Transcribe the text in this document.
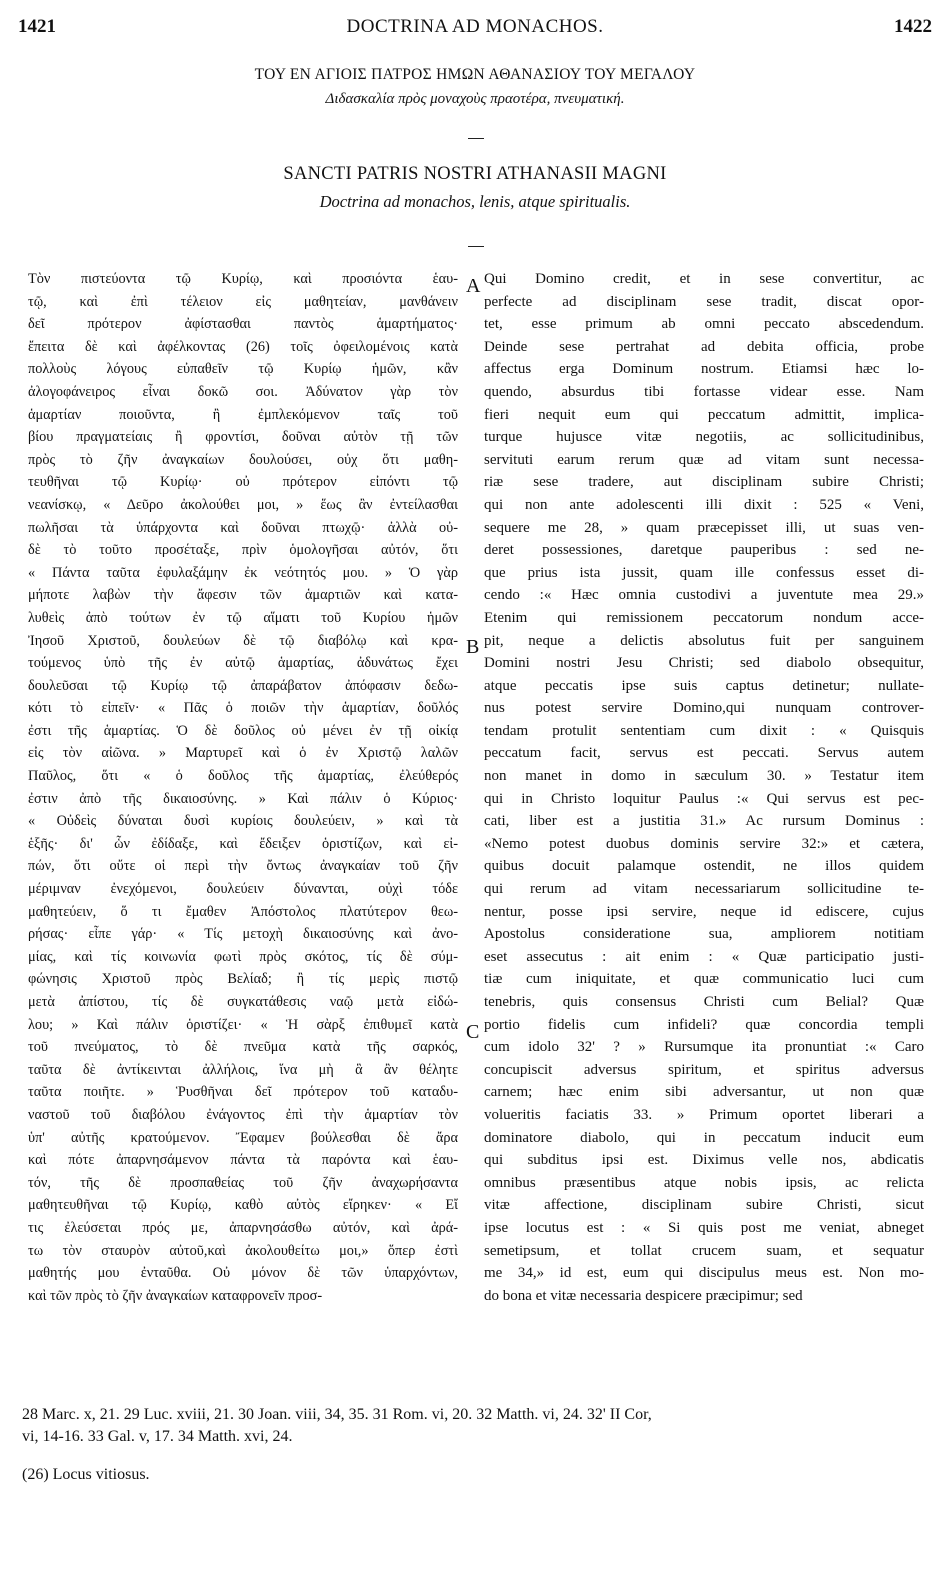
1421	DOCTRINA AD MONACHOS.	1422
ΤΟΥ ΕΝ ΑΓΙΟΙΣ ΠΑΤΡΟΣ ΗΜΩΝ ΑΘΑΝΑΣΙΟΥ ΤΟΥ ΜΕΓΑΛΟΥ
Διδασκαλία πρὸς μοναχοὺς πραοτέρα, πνευματική.
SANCTI PATRIS NOSTRI ATHANASII MAGNI
Doctrina ad monachos, lenis, atque spiritualis.
Τὸν πιστεύοντα τῷ Κυρίῳ, καὶ προσιόντα ἑαυ-
τῷ, καὶ ἐπὶ τέλειον εἰς μαθητείαν, μανθάνειν
δεῖ πρότερον ἀφίστασθαι παντὸς ἁμαρτήματος·
ἔπειτα δὲ καὶ ἀφέλκοντας (26) τοῖς ὀφειλομένοις κατὰ
πολλοὺς λόγους εὐπαθεῖν τῷ Κυρίῳ ἡμῶν, κἂν
ἀλογοφάνειρος εἶναι δοκῶ σοι. Ἀδύνατον γὰρ τὸν
ἁμαρτίαν ποιοῦντα, ἢ ἐμπλεκόμενον ταῖς τοῦ
βίου πραγματείαις ἢ φροντίσι, δοῦναι αὐτὸν τῇ τῶν
πρὸς τὸ ζῆν ἀναγκαίων δουλούσει, οὐχ ὅτι μαθη-
τευθῆναι τῷ Κυρίῳ· οὐ πρότερον εἰπόντι τῷ
νεανίσκῳ, « Δεῦρο ἀκολούθει μοι, » ἕως ἂν ἐντείλασθαι
πωλῆσαι τὰ ὑπάρχοντα καὶ δοῦναι πτωχῷ· ἀλλὰ οὐ-
δὲ τὸ τοῦτο προσέταξε, πρὶν ὁμολογῆσαι αὐτόν, ὅτι
« Πάντα ταῦτα ἐφυλαξάμην ἐκ νεότητός μου. » Ὁ γὰρ
μήποτε λαβὼν τὴν ἄφεσιν τῶν ἁμαρτιῶν καὶ κατα-
λυθεὶς ἀπὸ τούτων ἐν τῷ αἵματι τοῦ Κυρίου ἡμῶν
Ἰησοῦ Χριστοῦ, δουλεύων δὲ τῷ διαβόλῳ καὶ κρα-
τούμενος ὑπὸ τῆς ἐν αὐτῷ ἁμαρτίας, ἀδυνάτως ἔχει
δουλεῦσαι τῷ Κυρίῳ τῷ ἀπαράβατον ἀπόφασιν δεδω-
κότι τὸ εἰπεῖν· « Πᾶς ὁ ποιῶν τὴν ἁμαρτίαν, δοῦλός
ἐστι τῆς ἁμαρτίας. Ὁ δὲ δοῦλος οὐ μένει ἐν τῇ οἰκίᾳ
εἰς τὸν αἰῶνα. » Μαρτυρεῖ καὶ ὁ ἐν Χριστῷ λαλῶν
Παῦλος, ὅτι « ὁ δοῦλος τῆς ἁμαρτίας, ἐλεύθερός
ἐστιν ἀπὸ τῆς δικαιοσύνης. » Καὶ πάλιν ὁ Κύριος·
« Οὐδεὶς δύναται δυσὶ κυρίοις δουλεύειν, » καὶ τὰ
ἑξῆς· δι' ὧν ἐδίδαξε, καὶ ἔδειξεν ὁριστίζων, καὶ εἰ-
πών, ὅτι οὔτε οἱ περὶ τὴν ὄντως ἀναγκαίαν τοῦ ζῆν
μέριμναν ἐνεχόμενοι, δουλεύειν δύνανται, οὐχὶ τόδε
μαθητεύειν, ὅ τι ἔμαθεν Ἀπόστολος πλατύτερον θεω-
ρήσας· εἶπε γάρ· « Τίς μετοχὴ δικαιοσύνης καὶ ἀνο-
μίας, καὶ τίς κοινωνία φωτὶ πρὸς σκότος, τίς δὲ σύμ-
φώνησις Χριστοῦ πρὸς Βελίαδ; ἢ τίς μερὶς πιστῷ
μετὰ ἀπίστου, τίς δὲ συγκατάθεσις ναῷ μετὰ εἰδώ-
λου; » Καὶ πάλιν ὁριστίζει· « Ἡ σὰρξ ἐπιθυμεῖ κατὰ
τοῦ πνεύματος, τὸ δὲ πνεῦμα κατὰ τῆς σαρκός,
ταῦτα δὲ ἀντίκεινται ἀλλήλοις, ἵνα μὴ ἃ ἂν θέλητε
ταῦτα ποιῆτε. » Ῥυσθῆναι δεῖ πρότερον τοῦ καταδυ-
ναστοῦ τοῦ διαβόλου ἐνάγοντος ἐπὶ τὴν ἁμαρτίαν τὸν
ὑπ' αὐτῆς κρατούμενον. Ἔφαμεν βούλεσθαι δὲ ἄρα
καὶ πότε ἀπαρνησάμενον πάντα τὰ παρόντα καὶ ἑαυ-
τόν, τῆς δὲ προσπαθείας τοῦ ζῆν ἀναχωρήσαντα
μαθητευθῆναι τῷ Κυρίῳ, καθὸ αὐτὸς εἴρηκεν· « Εἴ
τις ἐλεύσεται πρός με, ἀπαρνησάσθω αὐτόν, καὶ ἀρά-
τω τὸν σταυρὸν αὐτοῦ,καὶ ἀκολουθείτω μοι,» ὅπερ ἐστὶ
μαθητής μου ἐνταῦθα. Οὐ μόνον δὲ τῶν ὑπαρχόντων,
καὶ τῶν πρὸς τὸ ζῆν ἀναγκαίων καταφρονεῖν προσ-
Qui Domino credit, et in sese convertitur, ac
perfecte ad disciplinam sese tradit, discat opor-
tet, esse primum ab omni peccato abscedendum.
Deinde sese pertrahat ad debita officia, probe
affectus erga Dominum nostrum. Etiamsi hæc lo-
quendo, absurdus tibi fortasse videar esse. Nam
fieri nequit eum qui peccatum admittit, implica-
turque hujusce vitæ negotiis, ac sollicitudinibus,
servituti earum rerum quæ ad vitam sunt necessa-
riæ sese tradere, aut disciplinam subire Christi;
qui non ante adolescenti illi dixit : 525 « Veni,
sequere me 28, » quam præcepisset illi, ut suas ven-
deret possessiones, daretque pauperibus : sed ne-
que prius ista jussit, quam ille confessus esset di-
cendo :« Hæc omnia custodivi a juventute mea 29.»
Etenim qui remissionem peccatorum nondum acce-
pit, neque a delictis absolutus fuit per sanguinem
Domini nostri Jesu Christi; sed diabolo obsequitur,
atque peccatis ipse suis captus detinetur; nullate-
nus potest servire Domino,qui nunquam controver-
tendam protulit sententiam cum dixit : « Quisquis
peccatum facit, servus est peccati. Servus autem
non manet in domo in sæculum 30. » Testatur item
qui in Christo loquitur Paulus :« Qui servus est pec-
cati, liber est a justitia 31.» Ac rursum Dominus :
«Nemo potest duobus dominis servire 32:» et cætera,
quibus docuit palamque ostendit, ne illos quidem
qui rerum ad vitam necessariarum sollicitudine te-
nentur, posse ipsi servire, neque id ediscere, cujus
Apostolus consideratione sua, ampliorem notitiam
eset assecutus : ait enim : « Quæ participatio justi-
tiæ cum iniquitate, et quæ communicatio luci cum
tenebris, quis consensus Christi cum Belial? Quæ
portio fidelis cum infideli? quæ concordia templi
cum idolo 32' ? » Rursumque ita pronuntiat :« Caro
concupiscit adversus spiritum, et spiritus adversus
carnem; hæc enim sibi adversantur, ut non quæ
volueritis faciatis 33. » Primum oportet liberari a
dominatore diabolo, qui in peccatum inducit eum
qui subditus ipsi est. Diximus velle nos, abdicatis
omnibus præsentibus atque nobis ipsis, ac relicta
vitæ affectione, disciplinam subire Christi, sicut
ipse locutus est : « Si quis post me veniat, abneget
semetipsum, et tollat crucem suam, et sequatur
me 34,» id est, eum qui discipulus meus est. Non mo-
do bona et vitæ necessaria despicere præcipimur; sed
A
B
C
28 Marc. x, 21. 29 Luc. xviii, 21. 30 Joan. viii, 34, 35. 31 Rom. vi, 20. 32 Matth. vi, 24. 32' II Cor,
vi, 14-16. 33 Gal. v, 17. 34 Matth. xvi, 24.
(26) Locus vitiosus.
